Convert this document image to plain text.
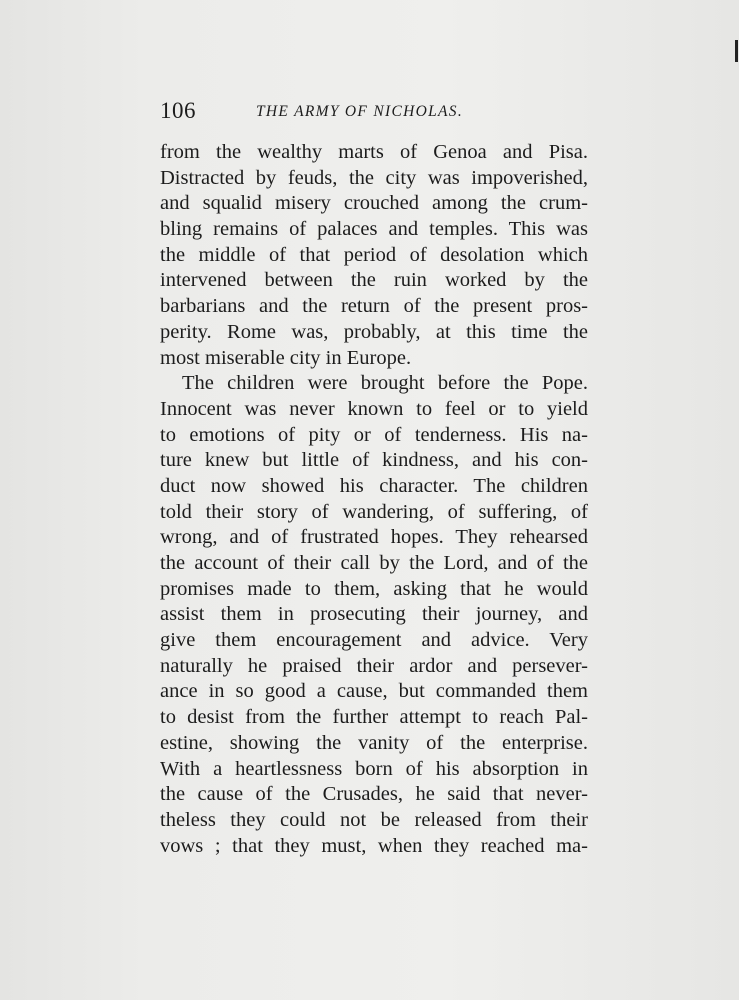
106	THE ARMY OF NICHOLAS.
from the wealthy marts of Genoa and Pisa.
Distracted by feuds, the city was impoverished,
and squalid misery crouched among the crum-
bling remains of palaces and temples. This was
the middle of that period of desolation which
intervened between the ruin worked by the
barbarians and the return of the present pros-
perity. Rome was, probably, at this time the
most miserable city in Europe.
The children were brought before the Pope.
Innocent was never known to feel or to yield
to emotions of pity or of tenderness. His na-
ture knew but little of kindness, and his con-
duct now showed his character. The children
told their story of wandering, of suffering, of
wrong, and of frustrated hopes. They rehearsed
the account of their call by the Lord, and of the
promises made to them, asking that he would
assist them in prosecuting their journey, and
give them encouragement and advice. Very
naturally he praised their ardor and persever-
ance in so good a cause, but commanded them
to desist from the further attempt to reach Pal-
estine, showing the vanity of the enterprise.
With a heartlessness born of his absorption in
the cause of the Crusades, he said that never-
theless they could not be released from their
vows ; that they must, when they reached ma-
